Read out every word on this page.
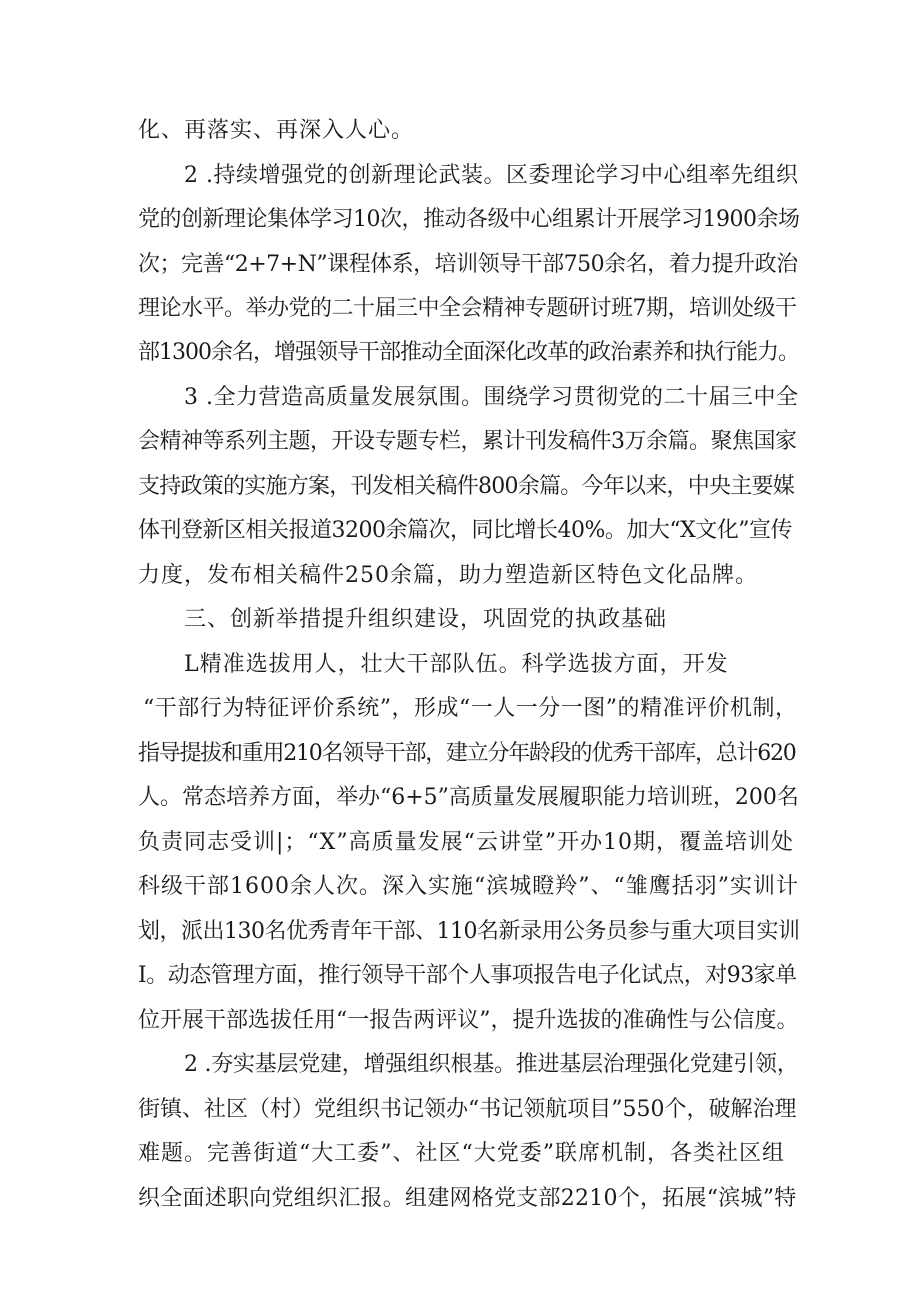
化、再落实、再深入人心。
2 .持续增强党的创新理论武装。区委理论学习中心组率先组织
党的创新理论集体学习10次，推动各级中心组累计开展学习1900余场
次；完善“2+7+N”课程体系，培训领导干部750余名，着力提升政治
理论水平。举办党的二十届三中全会精神专题研讨班7期，培训处级干
部1300余名，增强领导干部推动全面深化改革的政治素养和执行能力。
3 .全力营造高质量发展氛围。围绕学习贯彻党的二十届三中全
会精神等系列主题，开设专题专栏，累计刊发稿件3万余篇。聚焦国家
支持政策的实施方案，刊发相关稿件800余篇。今年以来，中央主要媒
体刊登新区相关报道3200余篇次，同比增长40%。加大“X文化”宣传
力度，发布相关稿件250余篇，助力塑造新区特色文化品牌。
三、创新举措提升组织建设，巩固党的执政基础
L精准选拔用人，壮大干部队伍。科学选拔方面，开发
“干部行为特征评价系统”，形成“一人一分一图”的精准评价机制，
指导提拔和重用210名领导干部，建立分年龄段的优秀干部库，总计620
人。常态培养方面，举办“6+5”高质量发展履职能力培训班，200名
负责同志受训|；“X”高质量发展“云讲堂”开办10期，覆盖培训处
科级干部1600余人次。深入实施“滨城瞪羚”、“雏鹰括羽”实训计
划，派出130名优秀青年干部、110名新录用公务员参与重大项目实训
I。动态管理方面，推行领导干部个人事项报告电子化试点，对93家单
位开展干部选拔任用“一报告两评议”，提升选拔的准确性与公信度。
2 .夯实基层党建，增强组织根基。推进基层治理强化党建引领，
街镇、社区（村）党组织书记领办“书记领航项目”550个，破解治理
难题。完善街道“大工委”、社区“大党委”联席机制，各类社区组
织全面述职向党组织汇报。组建网格党支部2210个，拓展“滨城”特
